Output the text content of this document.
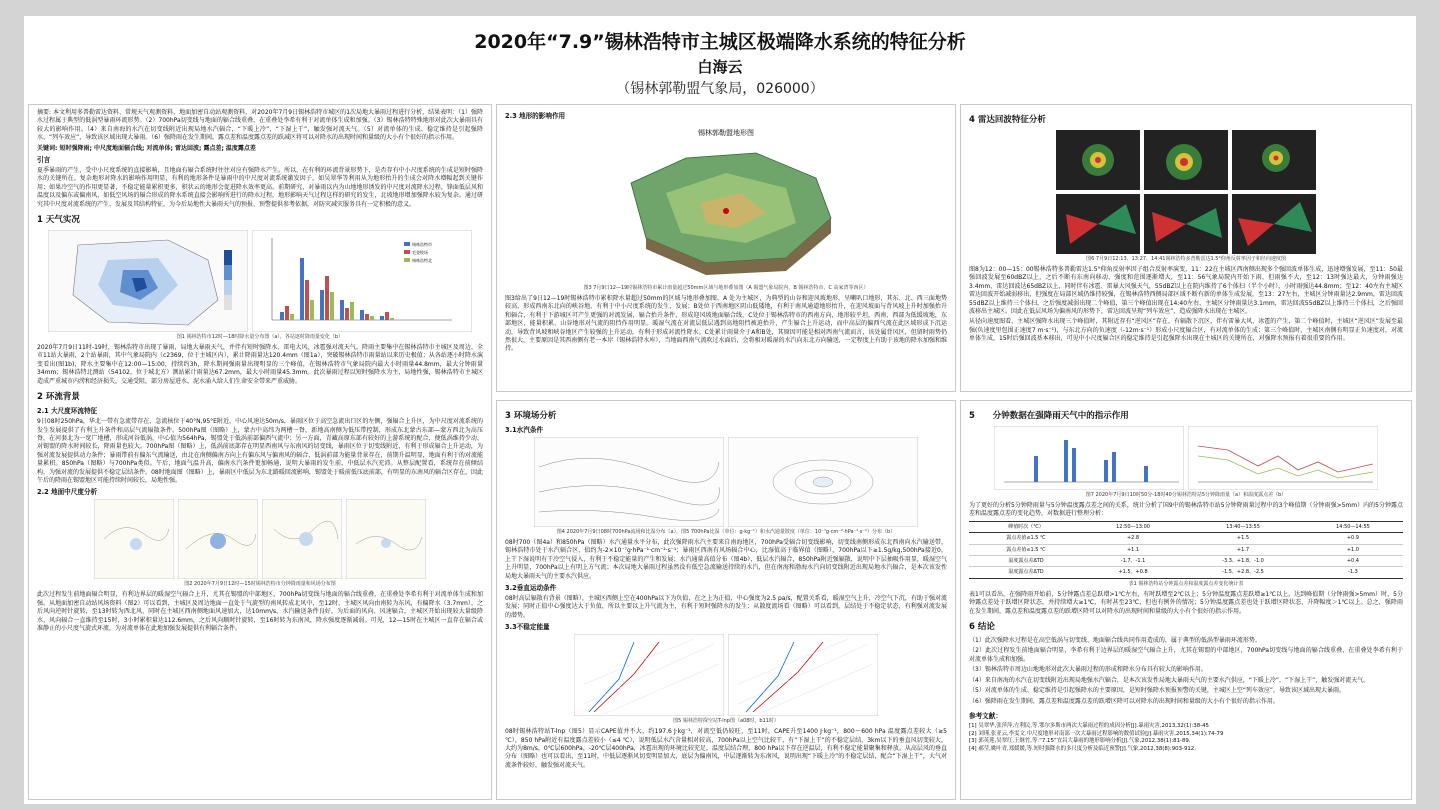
2020年“7.9”锡林浩特市主城区极端降水系统的特征分析
白海云
（锡林郭勒盟气象局，026000）

摘要: 本文利用多普勒雷达资料、常规天气观测资料、地面加密自动站观测资料，对2020年7月9日锡林浩特市城区的1次局地大暴雨过程进行分析，结果表明：（1）强降水过程属于典型的低涡型暴雨环流形势。（2）700hPa切变线与地面的辐合线重叠，在重叠处李希有利于对流单体生成和加强。（3）锡林浩特特殊地形对此次大暴雨具有较大的影响作用。（4）来自南海的水汽在切变线附近出现局地水汽辐合，“下暖上冷”，“下湿上干”，触发强对流天气。（5）对流单体的生成、稳定维持是引起强降水、“列车效应”，导致该区域出现大暴雨。（6）强降雨在发生期间，露点差和温度露点差的跃减区将可以对降水的出现时间和量级的大小有个很好的指示作用。

关键词: 短时强降雨; 中尺度地面辐合线; 对流单体; 雷达回波; 露点差; 温度露点差

引言

夏季暴雨的产生，受中小尺度系统的直接影响，且地面有辐合系统时往往对应有强降水产生。所以，在有利的环流背景形势下，是否存有中小尺度系统的生成是短时强降水的关键所在。复杂地形对降水的影响作用明显，有利的地形条件是暴雨中的中尺度对流系统激发因子，如吴翠华等利用从为地形抬升的生成会对降水增幅起到关键作用；如果冷空气的作用更显著，不稳定能量累积更多，积状云的地形会促进降水效率更高。前期研究，对暴雨以内为山地地形诱发的中尺度对流降水过程，锋面低层风和温度以及偏东或偏南风，如低空风场的辐合形成的降水系统直接会影响所进行的降水过程，地形影响天气过程这样的研究的发生，北坡地形增加强降水较为复杂。通过研究其中尺度对流系统的产生、发展及其结构特征，为今后局地性大暴雨天气的预报、预警提供参考依据，对防灾减灾服务具有一定积极的意义。

1 天气实况
锡林浩特市
毛登牧场
锡林浩特北
图1 锡林浩特市12时—18时降水量分布图（a），各站逐时降雨量变化（b）

2020年7月9日11时-19时，锡林浩特市出现了暴雨，局地大暴雨天气，并伴有短时强降水、雷电大风、冰雹强对流天气。降雨主要集中在锡林浩特市主城区及周边，全市11站大暴雨，2个站暴雨，其中气象局院内（c2369，位于主城区内），累计降雨量达120.4mm（图1a），突破锡林浩特市雨量站以来历史极值；从各站逐小时降水演变看出(图1b)，降水主要集中在12:00—15:00，持续约3h，降水期间强雨量出现明显的三个峰值，在锡林浩特市气象局院内最大小时雨量44.8mm，最大分钟雨量34mm；锡林浩特北测站（54102，位于城北方）测站累计雨量达67.2mm，最大小时雨量45.3mm。此次暴雨过程以短时强降水为主，局地性强，锡林浩特市主城区造成严重城市内涝和经济损失，交通受阻，部分房屋进水，泥水涌入给人们生命安全带来严重威胁。

2 环流背景
2.1 大尺度环流特征

9日08时250hPa，华北一带有急流带存在，急流核位于40°N,95°E附近，中心风速达50m/s，暴雨区位于高空急流出口区的左侧，强辐合上升区，为中尺度对流系统的发生发展提供了有利上升条件和高层气流辐散条件。500hPa图（图略）上，蒙古中高纬为两槽一脊，新地高南侧为低压带控制，形成东北蒙古东部—蒙方西北为高压脊，在河套北为一宽广地槽，形成河谷低涡，中心值为564hPa，锡盟处于低涡前部偏西气流中；另一方面，青藏高原东部有较好的上游系统的配合，便低涡维持少动，对锡盟的降水时间较长，降雨量也较大。700hPa图（图略）上，低涡前底部存在明显西南风与东南风的切变线，暴雨区位于切变线附近，有利于形成辐合上升运动，为强对流发展提供动力条件；暴雨带前有偏东气流输送，由北在南侧偏南方向上有偏东风与偏南风的辐合，低涡前部为能量背景存在，前期升温明显，地面有利于的对流能量累积。850hPa（图略）与700hPa类似。午后，地面气温升高，偏南水汽条件更加畅通，说明大暴雨的发生前，中低层水汽充沛。从整层配置看，系统存在前倾结构，为强对流的发展提供不稳定层结条件。08时地面图（图略）上，暴雨区中低层为东北路暖回流影响，锡盟处于暖前低压底前部，有明显的东南风的辐合区存在，因此午后的降雨在锡盟地区可能持续时间较长，局地性强。

2.2 地面中尺度分析
图2 2020年7月9日12时—15时锡林浩特市分钟降雨量和风场分布图

此次过程发生前地面辐合明显，有利边界层的暖湿空气辐合上升，尤其在锡盟的中部地区，700hPa切变线与地面的辐合线重叠，在重叠处李希有利于对流单体生成和加强。从地面加密自动站风场资料（图2）可以看到，主城区及周边地面一直处于气旋型的南风转成北风中，至12时，主城区风向由南转为东风，有偏降水（3.7mm），之后风向逆时针旋转，至13时转为西北风，同时在主城区西南侧地面风速加大，达10mm/s，水汽输送条件良好，为后面的风向、风速辐合，主城区开始出现较大量级降水，风向辐合一直维持至15时，3小时累积量达112.6mm，之后风向顺时针旋转，至16时转为东南风，降水强度逐渐减弱。可见，12—15时在主城区一直存在辐合或准静止的小尺度气旋式环流，为对流单体在此地加强发展提供有利辐合条件。

2.3 地形的影响作用
锡林郭勒盟地形图
图3 7月9日12—19时锡林浩特市累计雨量超过50mm区域与地形叠加图（A 锡盟气象局院内，B 锡林浩特市，C 高家湾等西区）

图3给出了9日12—19时锡林浩特市累积降水量超过50mm的区域与地形叠加图，A 处为主城区，为典型的山谷和迎风坡地形，呈喇叭口地形，其东、北、西三面地势较高，形成西南东北向的峡谷地，有利于中小尺度系统的发生、发展；B处位于西南地区阴山低矮地，有利于南风通道地形抬升，在迎风坡面与背风坡上升时加强抬升和辐合，有利于下游城区可产生更强的对流发展，辐合抬升条件，形成迎风坡地面辐合线，C处位于锡林浩特市的西南方向，地形较平坦，西南、西部为低缓坡地，东部地区，能量积累，山谷地形对气流的阻挡作用明显。暖湿气流在对流层低层遇到高地阻挡被迫抬升，产生辐合上升运动，而中高层的偏西气流在此区域形成下沉运动，导致背风坡和峡谷地区产生较强的上升运动，有利于形成对流性降水。C处累计雨量介于A和B处，其原因可能是相对西南气流而言，该处属背风区，但留时雨势仍然很大，主要原因是其西南侧有老一本岸（锡林浩特水库），当地面西南气流吹过水面后，会将相对暖湿的水汽向东北方向输送，一定程度上有助于该地的降水加强和维持。

3 环境场分析
3.1水汽条件
图4 2020年7月9日08时700hPa流场和比湿分布（a），图5 700hPa比湿（单位：g·kg⁻¹）和水汽通量散度（单位：10⁻⁷g·cm⁻²·hPa⁻¹·s⁻¹）分布（b）

08时700（图4a）和850hPa（图略）水汽通量水平分布，此次强降雨水汽主要来自南海地区，700hPa受辐合切变线影响，切变线南侧形成东北西南向水汽输送带，锡林浩特市处于水汽辐合区，值约为-2×10⁻⁷g·hPa⁻¹·cm⁻²·s⁻¹；暴雨区西南有风场辐合中心，比湿值高于临界值（图略），700hPa以下≥1.5g/kg,500hPa接近0，上干下湿说明有干冷空气侵入，有利于不稳定能量的产生和发展；水汽通量高值分布（图4b），低层水汽辐合，850hPa附近强辐散，说明中下层抽吸作用显，暖湿空气上升明显，700hPa以上有明上方气流；本次局地大暴雨过程虽然没有低空急流输送持续的水汽，但在南海和渤海水汽向切变线附近出现局地水汽辐合，是本次该发性局地大暴雨天气的主要水汽供应。

3.2垂直运动条件

08时高层辐散有背景（图略），主城区西侧上空在400hPa以下为负值，在之上为正值，中心强度为2.5 pa/s，配置关系看，暖湿空气上升，冷空气下沉，有助于强对流发展；同时正值中心强度达大于负值，所以主要以上升气流为主，有利于短时强降水的发生；从散度流场看（图略）可以看到，层结处于不稳定状态，有利强对流发展的潜势。

3.3不稳定能量
图5 锡林浩特探空站T-lnp图（a08时，b11时）

08时锡林浩特站T-lnp（图5）显示CAPE值并不大，约197.6 J·kg⁻¹，对流空低仍较旺，至11时，CAPE升至1400 J·kg⁻¹，800～600 hPa 温度露点差较大（≥5 ℃），850 hPa附近有温度露点差较小（≤4 ℃），说明低层水汽含量相对较高，700hPa以上空气比较干，有“下湿上干”的不稳定层结，3km以下的垂直风切变较大，大约为8m/s，0℃层600hPa，-20℃层400hPa，冰雹出现的环境比较充足，温度层结合理，800 hPa以下存在逆温层，有利不稳定能量聚集和释放。从高层风的垂直分布（图略）也可以看出，至11时，中低层逐渐风切变明显加大，底层为偏南风，中层逐渐转为东南风，说明出现“下暖上冷”的不稳定层结，配合“下湿上干”，大气对流条件较好，触发强对流天气。

4 雷达回波特征分析
图6 7月9日12:13、13:27、14:41锡林浩特多普勒雷达1.5°仰角反射率因子和径向速度图

图8为12：00—15：00锡林浩特多普勒雷达1.5°仰角反射率因子组合反射率演变，11：22在主城区西南侧出现多个强回波单体生成，迅速增强发展，至11：50最强回波发展至60dBZ以上，之后不断有东南向移动，强度和范围逐渐增大，至11：56气象局院内开始下雨，但雨强不大，至12：13时强达最大，分钟雨强达3.4mm，雷达回波达65dBZ以上，同时伴有冰雹、雷暴大风强天气，55dBZ以上在院内维持了6个体扫（半个小时），小时雨强达44.8mm；至12：40左右主城区雷达回波开始减弱移出，但强度在局部区域仍维持较强，在锡林浩特西侧局部区域不断有新的单体生成发展，至13：27左右，主城区分钟雨量达2.9mm，雷达回波55dBZ以上维持三个体扫，之后强度减弱出现二个峰值，第三个峰值出现在14:40左右，主城区分钟雨量达3.1mm，雷达回波55dBZ以上维持三个体扫，之后强回波移出主城区。因此在低层风场为偏南风的形势下，雷达回波呈现“列车效应”，造成强降水出现在主城区。

从径向速度图看，主城区强降水出现三个峰值时，其附近存有“逆风区”存在，有辐散下沉区，伴有雷暴大风、冰雹的产生，第二个峰值时，主城区“逆风区”发展至最强(负速度里包围正速度7 m·s⁻¹)，与东北方向的负速度（-12m·s⁻¹）形成小尺度辐合区，有对流单体的生成；第三个峰值时，主城区南侧有明显正负速度对，对流单体生成，15时后强回波基本移出，可见中小尺度辐合区的稳定维持是引起强降水出现在主城区的关键所在，对强降水预报有着很重要的作用。

5 分钟数据在强降雨天气中的指示作用
图7 2020年7月9日10时50分-18时40分锡林浩特站5分钟降雨量（a）和温度露点差（b）

为了更好的分析5分钟降雨量与5分钟温度露点差之间的关系，统计分析了国9中的锡林浩特市站5分钟降雨量过程中的3个峰值期（分钟雨强>5mm）内的5分钟露点差和温度露点差的变化趋势，对数据进行整理分析：

峰值时次（℃）	12:50—13:00	13:40—13:55	14:50—14:55
露点差值≤1.5 ℃	+2.8	+1.5	+0.9
露点差值≤1.5 ℃	+1.1	+1.7	+1.0
温度露点差ΔTD	-1.7、-1.1	-3.3、+1.8、-1.0	+0.4
温度露点差ΔTD	+1.5、+0.8	-1.5、+2.8、-2.5	-1.3
表1 锡林浩特站分钟露点差和温度露点差变化统计表

表1可以看出，在强降雨开始前，5分钟露点差总跃增>1℃左右，有时跃增至2℃以上；5分钟温度露点差跃增≥1℃以上，达到峰值期（分钟雨强>5mm）时，5分钟露点差处于跃增区降状态，并持续增大≥1℃，有时甚至23℃，但也有例外的情况；5分钟温度露点差也处于跃增区降状态，升降幅度＞1℃以上。总之，强降雨在发生期间，露点差和温度露点差的跃增区降可以对降水的出现时间和量级的大小有个很好的指示作用。

6 结论

（1）此次强降水过程是在高空低涡与切变线、地面辐合线共同作用造成的，属于典型的低涡型暴雨环流形势。

（2）此次过程发生前地面辐合明显，李希有利于边界层的暖湿空气辐合上升，尤其在锡盟的中部地区，700hPa切变线与地面的辐合线重叠，在重叠处李希有利于对流单体生成和加强。

（3）锡林浩特市周边山地地形对此次大暴雨过程的形成和降水分布具有较大的影响作用。

（4）来自南海的水汽在切变线附近出现局地强水汽辐合，是本次该发性局地大暴雨天气的主要水汽供应，“下暖上冷”，“下湿上干”，触发强对流天气。

（5）对流单体的生成、稳定维持是引起强降水的主要原因，是短时强降水预报预警的关键，主城区上空“列车效应”，导致该区域出现大暴雨。

（6）强降雨在发生期间，露点差和温度露点差的跃增区降可以对降水的出现时间和量级的大小有个很好的指示作用。

参考文献：
[1] 吴翠华,张萍萍,左利民,等.鄂尔多斯市两次大暴雨过程的成因分析[J].暴雨灾害,2013,32(1):38-45
[2] 刘瑾,张亚云,李雯文.中尺度地形对南部一次大暴雨过程影响的数值试验[J].暴雨灾害,2015,34(1):74-79
[3] 郭英莲,吴翠红,王继竹,等.“7.15”宜昌大暴雨的地形影响分析[J].气象,2012,38(1):81-89.
[4] 郝莹,姚叶青,郑媛媛,等.短时强降水的多尺度分析及临近预警[J].气象,2012,38(8):903-912.
